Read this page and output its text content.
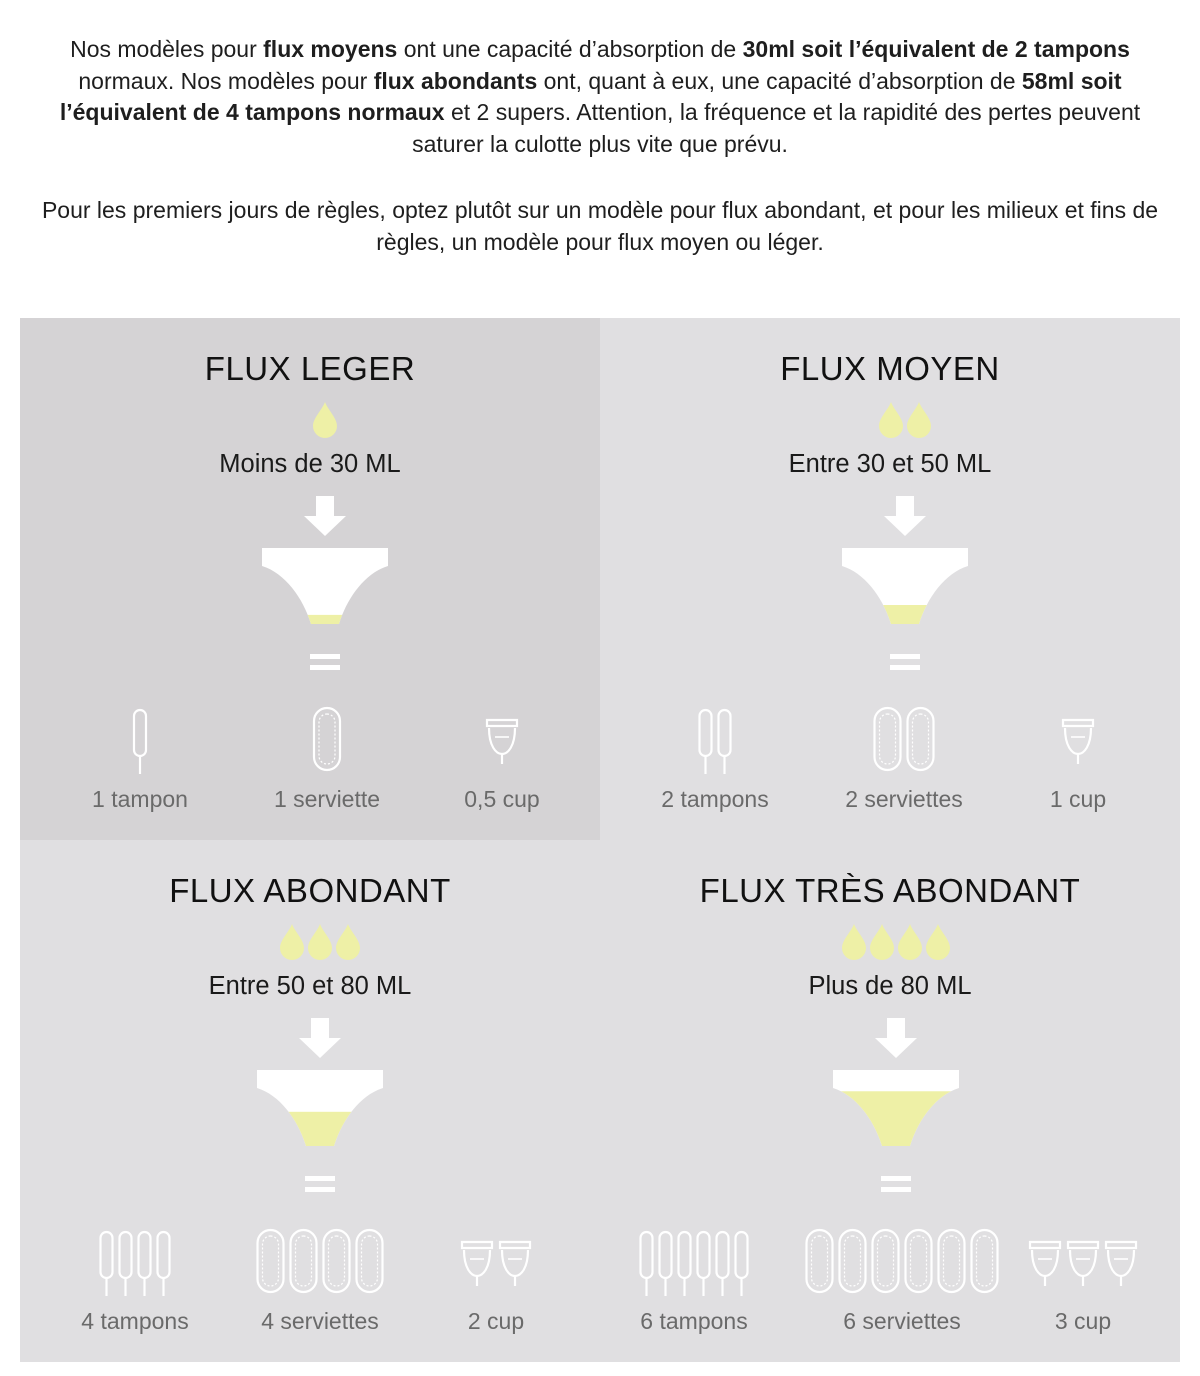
Nos modèles pour flux moyens ont une capacité d’absorption de 30ml soit l’équivalent de 2 tampons normaux. Nos modèles pour flux abondants ont, quant à eux, une capacité d’absorption de 58ml soit l’équivalent de 4 tampons normaux et 2 supers. Attention, la fréquence et la rapidité des pertes peuvent saturer la culotte plus vite que prévu.

Pour les premiers jours de règles, optez plutôt sur un modèle pour flux abondant, et pour les milieux et fins de règles, un modèle pour flux moyen ou léger.

FLUX LEGER
Moins de 30 ML
1 tampon	1 serviette	0,5 cup
FLUX MOYEN
Entre 30 et 50 ML
2 tampons	2 serviettes	1 cup
FLUX ABONDANT
Entre 50 et 80 ML
4 tampons	4 serviettes	2 cup
FLUX TRÈS ABONDANT
Plus de 80 ML
6 tampons	6 serviettes	3 cup
